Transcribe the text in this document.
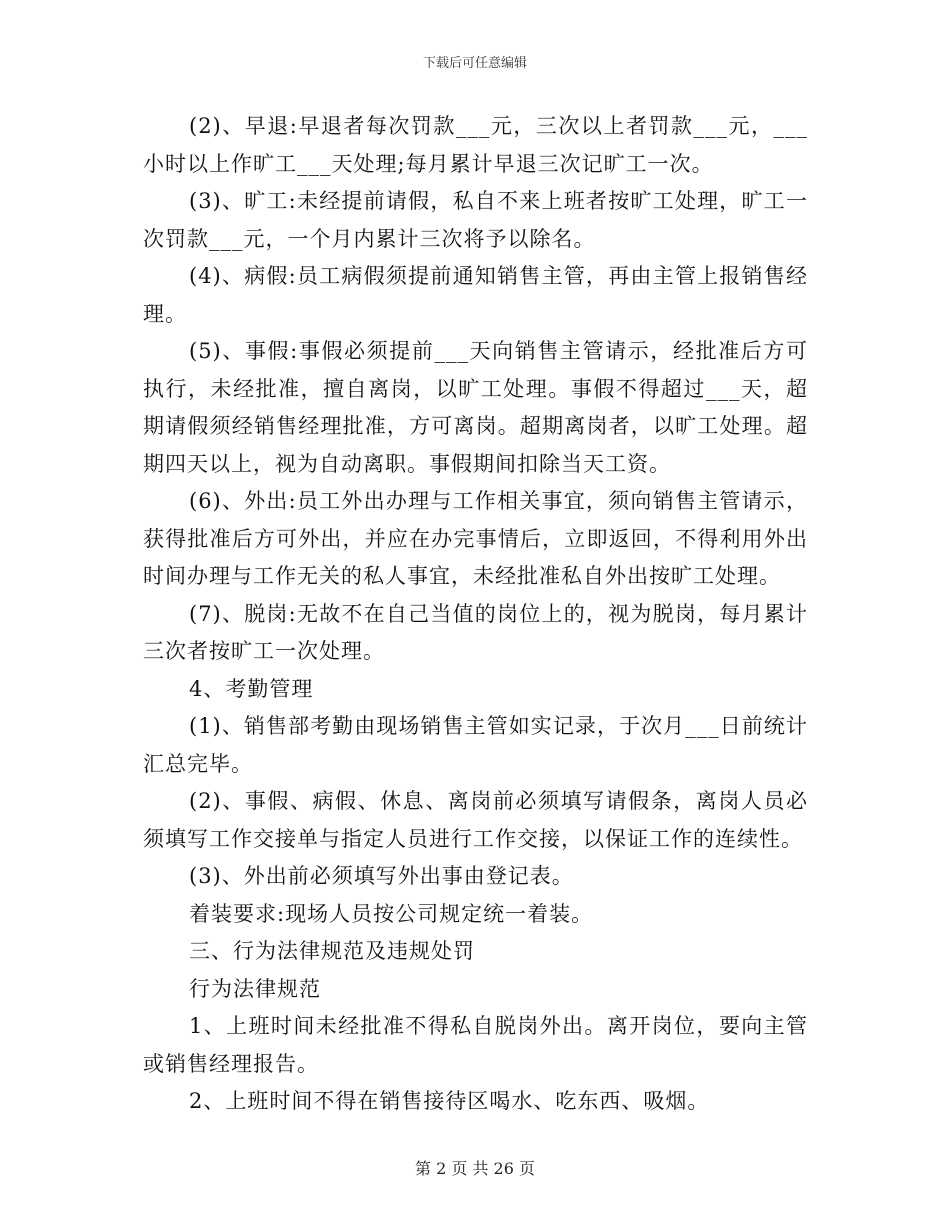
下载后可任意编辑

(2)、早退:早退者每次罚款___元，三次以上者罚款___元，___小时以上作旷工___天处理;每月累计早退三次记旷工一次。

(3)、旷工:未经提前请假，私自不来上班者按旷工处理，旷工一次罚款___元，一个月内累计三次将予以除名。

(4)、病假:员工病假须提前通知销售主管，再由主管上报销售经理。

(5)、事假:事假必须提前___天向销售主管请示，经批准后方可执行，未经批准，擅自离岗，以旷工处理。事假不得超过___天，超期请假须经销售经理批准，方可离岗。超期离岗者，以旷工处理。超期四天以上，视为自动离职。事假期间扣除当天工资。

(6)、外出:员工外出办理与工作相关事宜，须向销售主管请示，获得批准后方可外出，并应在办完事情后，立即返回，不得利用外出时间办理与工作无关的私人事宜，未经批准私自外出按旷工处理。

(7)、脱岗:无故不在自己当值的岗位上的，视为脱岗，每月累计三次者按旷工一次处理。

4、考勤管理

(1)、销售部考勤由现场销售主管如实记录，于次月___日前统计汇总完毕。

(2)、事假、病假、休息、离岗前必须填写请假条，离岗人员必须填写工作交接单与指定人员进行工作交接，以保证工作的连续性。

(3)、外出前必须填写外出事由登记表。

着装要求:现场人员按公司规定统一着装。

三、行为法律规范及违规处罚

行为法律规范

1、上班时间未经批准不得私自脱岗外出。离开岗位，要向主管或销售经理报告。

2、上班时间不得在销售接待区喝水、吃东西、吸烟。

第 2 页 共 26 页
